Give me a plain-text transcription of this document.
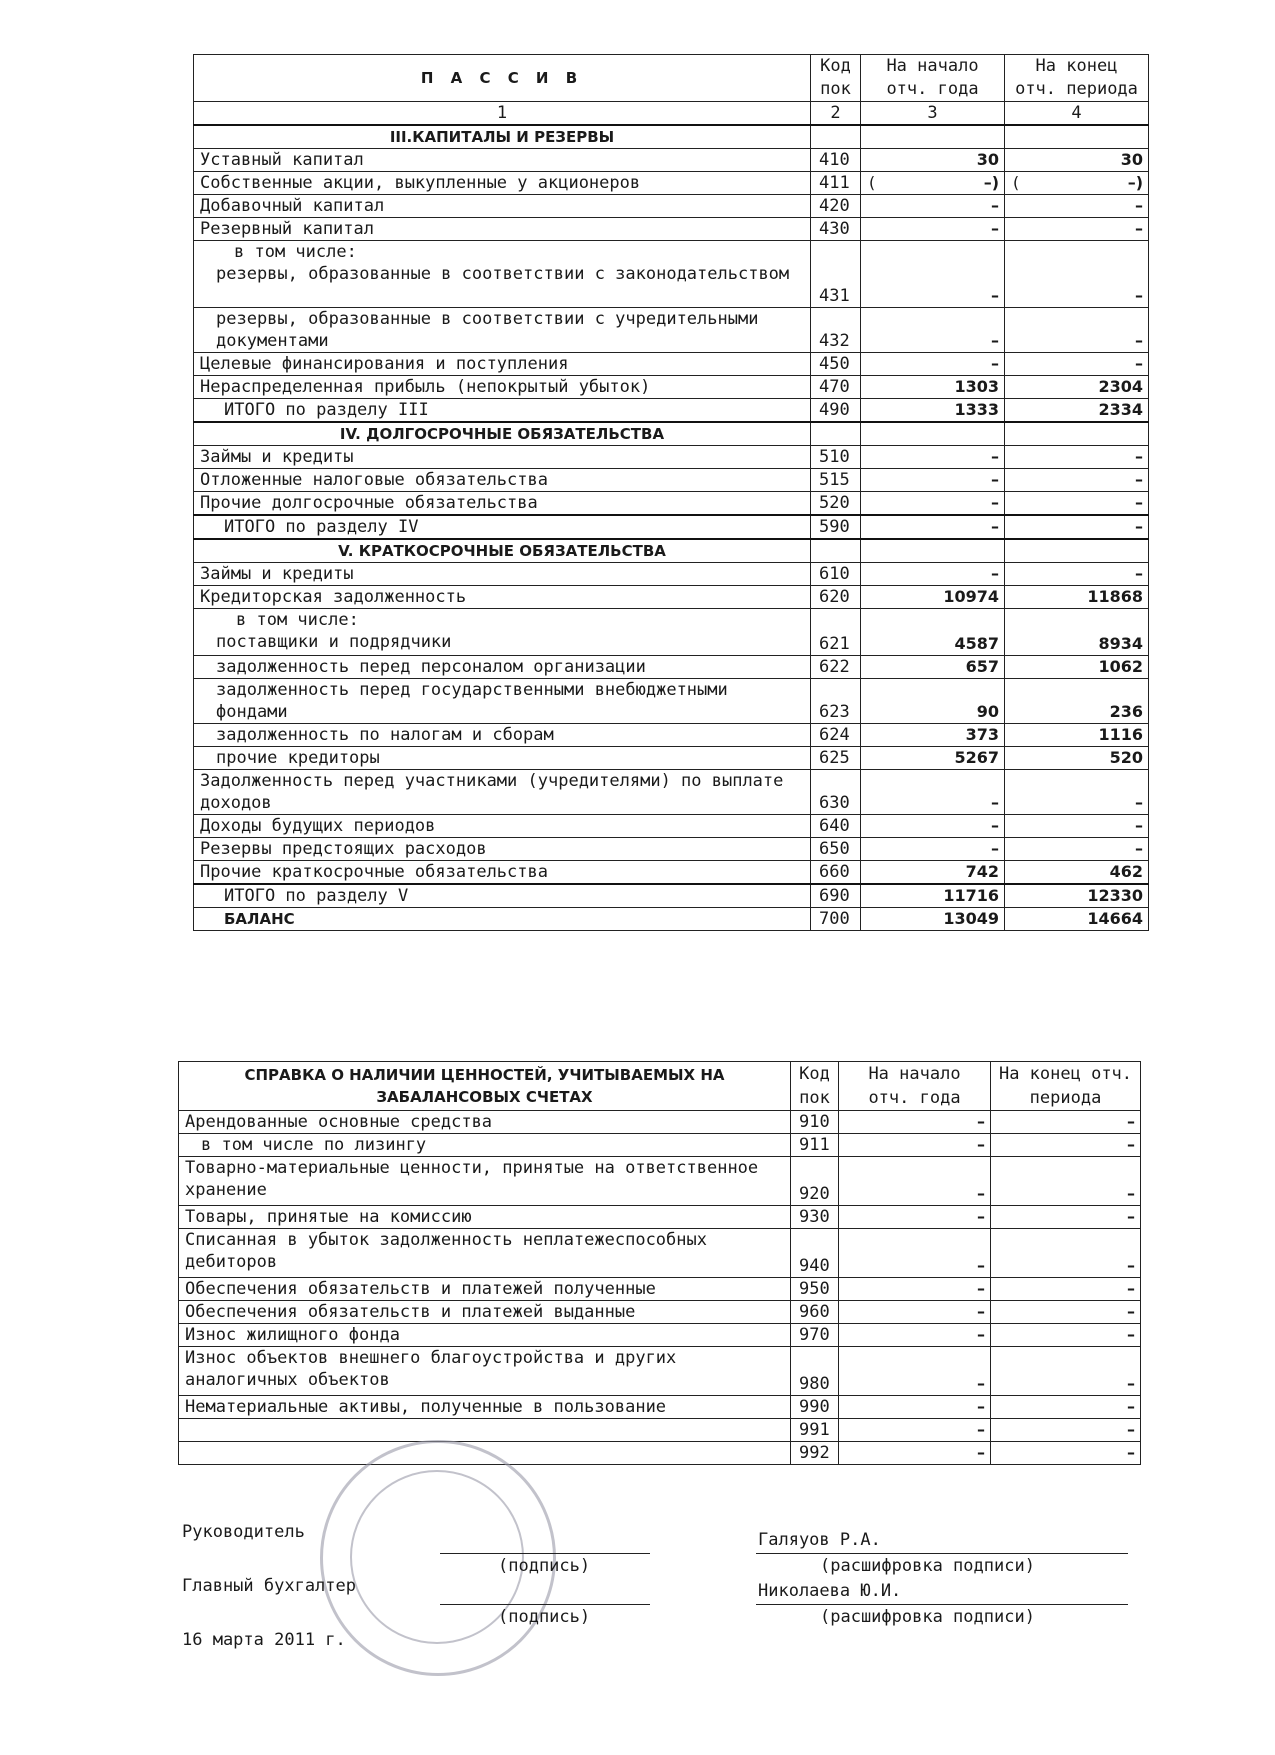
П А С С И В	Код пок	На начало отч. года	На конец отч. периода
1	2	3	4
III.КАПИТАЛЫ И РЕЗЕРВЫ			
Уставный капитал	410	30	30
Собственные акции, выкупленные у акционеров	411	( –)	( –)
Добавочный капитал	420	–	–
Резервный капитал	430	–	–

в том числе:
резервы, образованные в соответствии с законодательством	431	–	–
резервы, образованные в соответствии с учредительными документами	432	–	–
Целевые финансирования и поступления	450	–	–
Нераспределенная прибыль (непокрытый убыток)	470	1303	2304
ИТОГО по разделу III	490	1333	2334
IV. ДОЛГОСРОЧНЫЕ ОБЯЗАТЕЛЬСТВА			
Займы и кредиты	510	–	–
Отложенные налоговые обязательства	515	–	–
Прочие долгосрочные обязательства	520	–	–
ИТОГО по разделу IV	590	–	–
V. КРАТКОСРОЧНЫЕ ОБЯЗАТЕЛЬСТВА			
Займы и кредиты	610	–	–
Кредиторская задолженность	620	10974	11868

в том числе:
поставщики и подрядчики	621	4587	8934
задолженность перед персоналом организации	622	657	1062
задолженность перед государственными внебюджетными фондами	623	90	236
задолженность по налогам и сборам	624	373	1116
прочие кредиторы	625	5267	520
Задолженность перед участниками (учредителями) по выплате доходов	630	–	–
Доходы будущих периодов	640	–	–
Резервы предстоящих расходов	650	–	–
Прочие краткосрочные обязательства	660	742	462
ИТОГО по разделу V	690	11716	12330
БАЛАНС	700	13049	14664
СПРАВКА О НАЛИЧИИ ЦЕННОСТЕЙ, УЧИТЫВАЕМЫХ НА ЗАБАЛАНСОВЫХ СЧЕТАХ	Код пок	На начало отч. года	На конец отч. периода
Арендованные основные средства	910	–	–
в том числе по лизингу	911	–	–
Товарно-материальные ценности, принятые на ответственное хранение	920	–	–
Товары, принятые на комиссию	930	–	–
Списанная в убыток задолженность неплатежеспособных дебиторов	940	–	–
Обеспечения обязательств и платежей полученные	950	–	–
Обеспечения обязательств и платежей выданные	960	–	–
Износ жилищного фонда	970	–	–
Износ объектов внешнего благоустройства и других аналогичных объектов	980	–	–
Нематериальные активы, полученные в пользование	990	–	–
	991	–	–
	992	–	–
Руководитель
(подпись)
Галяуов Р.А.
(расшифровка подписи)
Главный бухгалтер
(подпись)
Николаева Ю.И.
(расшифровка подписи)
16 марта 2011 г.
